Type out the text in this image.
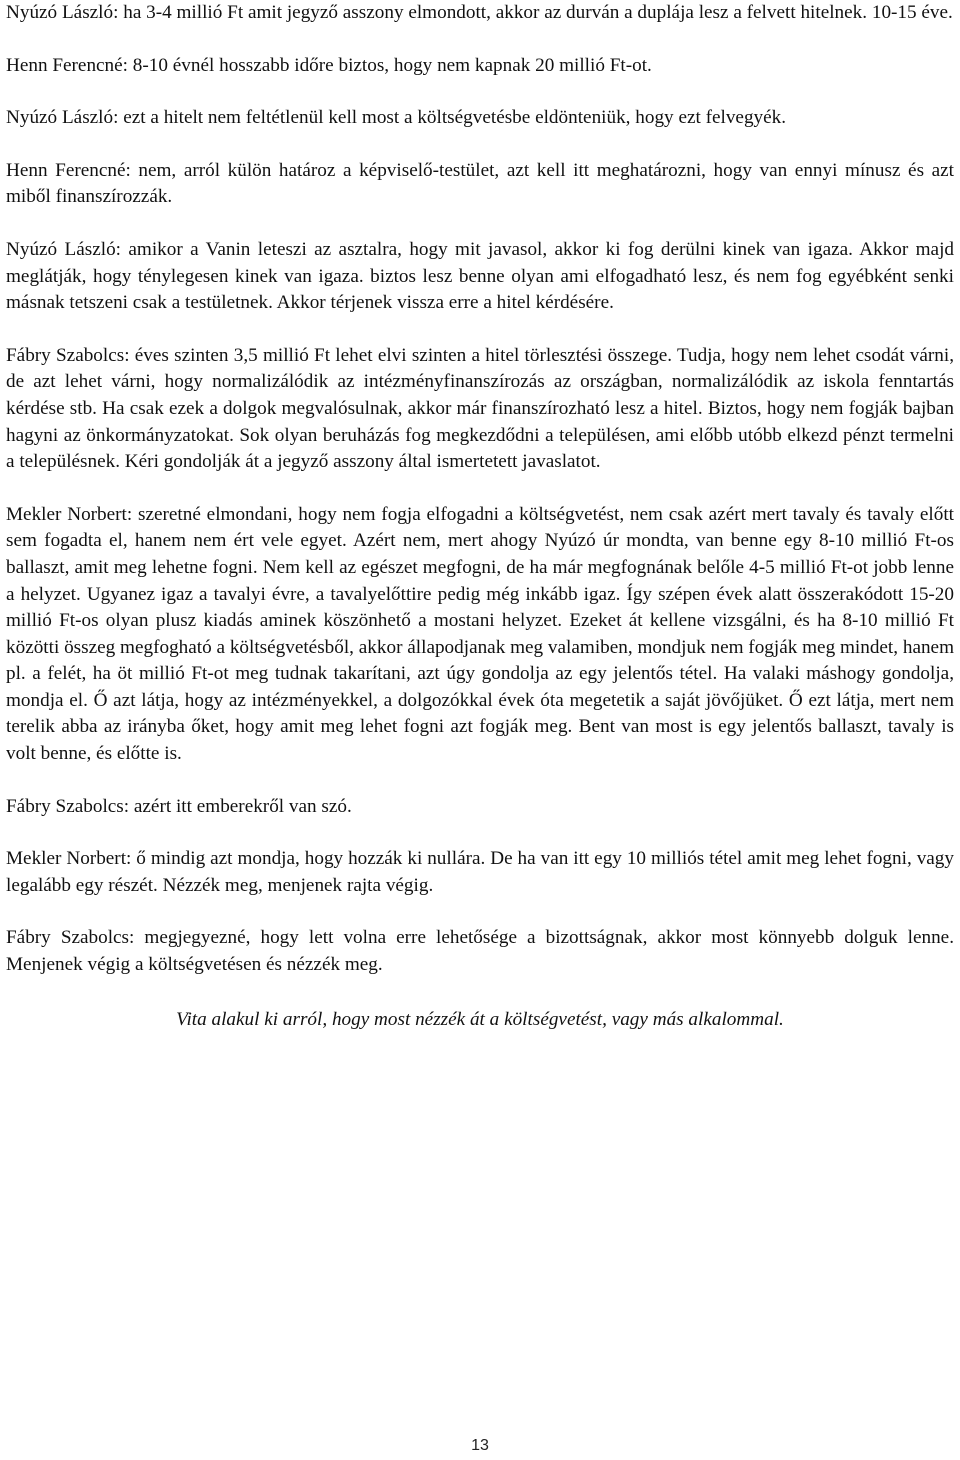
Nyúzó László: ha 3-4 millió Ft amit jegyző asszony elmondott, akkor az durván a duplája lesz a felvett hitelnek. 10-15 éve.

Henn Ferencné: 8-10 évnél hosszabb időre biztos, hogy nem kapnak 20 millió Ft-ot.

Nyúzó László: ezt a hitelt nem feltétlenül kell most a költségvetésbe eldönteniük, hogy ezt felvegyék.

Henn Ferencné: nem, arról külön határoz a képviselő-testület, azt kell itt meghatározni, hogy van ennyi mínusz és azt miből finanszírozzák.

Nyúzó László: amikor a Vanin leteszi az asztalra, hogy mit javasol, akkor ki fog derülni kinek van igaza. Akkor majd meglátják, hogy ténylegesen kinek van igaza. biztos lesz benne olyan ami elfogadható lesz, és nem fog egyébként senki másnak tetszeni csak a testületnek. Akkor térjenek vissza erre a hitel kérdésére.

Fábry Szabolcs: éves szinten 3,5 millió Ft lehet elvi szinten a hitel törlesztési összege. Tudja, hogy nem lehet csodát várni, de azt lehet várni, hogy normalizálódik az intézményfinanszírozás az országban, normalizálódik az iskola fenntartás kérdése stb. Ha csak ezek a dolgok megvalósulnak, akkor már finanszírozható lesz a hitel. Biztos, hogy nem fogják bajban hagyni az önkormányzatokat. Sok olyan beruházás fog megkezdődni a településen, ami előbb utóbb elkezd pénzt termelni a településnek. Kéri gondolják át a jegyző asszony által ismertetett javaslatot.

Mekler Norbert: szeretné elmondani, hogy nem fogja elfogadni a költségvetést, nem csak azért mert tavaly és tavaly előtt sem fogadta el, hanem nem ért vele egyet. Azért nem, mert ahogy Nyúzó úr mondta, van benne egy 8-10 millió Ft-os ballaszt, amit meg lehetne fogni. Nem kell az egészet megfogni, de ha már megfognának belőle 4-5 millió Ft-ot jobb lenne a helyzet. Ugyanez igaz a tavalyi évre, a tavalyelőttire pedig még inkább igaz. Így szépen évek alatt összerakódott 15-20 millió Ft-os olyan plusz kiadás aminek köszönhető a mostani helyzet. Ezeket át kellene vizsgálni, és ha 8-10 millió Ft közötti összeg megfogható a költségvetésből, akkor állapodjanak meg valamiben, mondjuk nem fogják meg mindet, hanem pl. a felét, ha öt millió Ft-ot meg tudnak takarítani, azt úgy gondolja az egy jelentős tétel. Ha valaki máshogy gondolja, mondja el. Ő azt látja, hogy az intézményekkel, a dolgozókkal évek óta megetetik a saját jövőjüket. Ő ezt látja, mert nem terelik abba az irányba őket, hogy amit meg lehet fogni azt fogják meg. Bent van most is egy jelentős ballaszt, tavaly is volt benne, és előtte is.

Fábry Szabolcs: azért itt emberekről van szó.

Mekler Norbert: ő mindig azt mondja, hogy hozzák ki nullára. De ha van itt egy 10 milliós tétel amit meg lehet fogni, vagy legalább egy részét. Nézzék meg, menjenek rajta végig.

Fábry Szabolcs: megjegyezné, hogy lett volna erre lehetősége a bizottságnak, akkor most könnyebb dolguk lenne. Menjenek végig a költségvetésen és nézzék meg.

Vita alakul ki arról, hogy most nézzék át a költségvetést, vagy más alkalommal.

13
